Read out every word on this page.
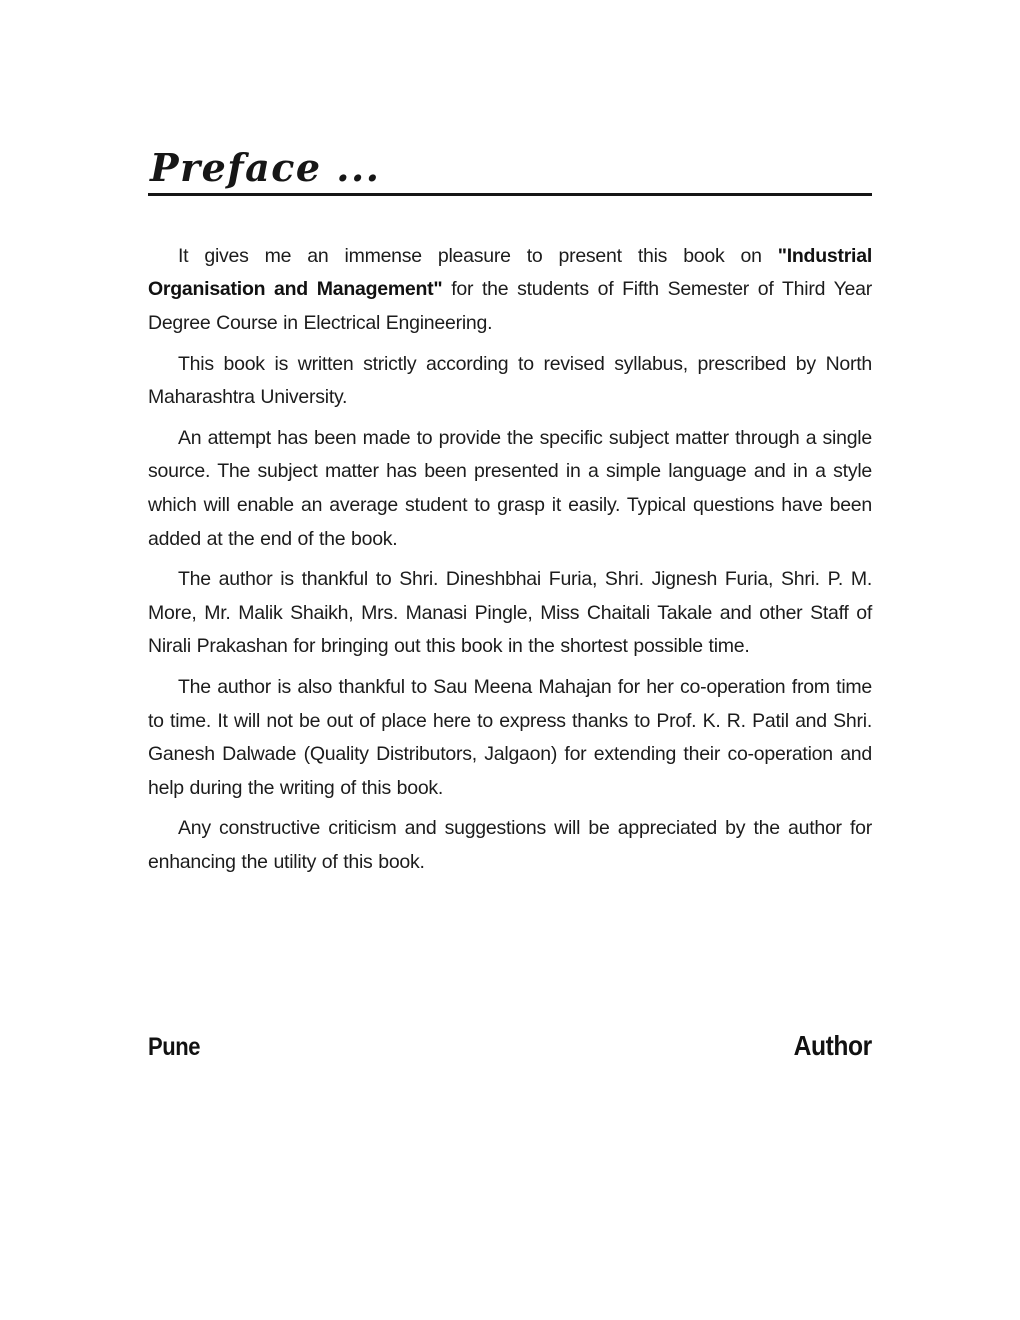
Preface ...

It gives me an immense pleasure to present this book on "Industrial Organisation and Management" for the students of Fifth Semester of Third Year Degree Course in Electrical Engineering.

This book is written strictly according to revised syllabus, prescribed by North Maharashtra University.

An attempt has been made to provide the specific subject matter through a single source. The subject matter has been presented in a simple language and in a style which will enable an average student to grasp it easily. Typical questions have been added at the end of the book.

The author is thankful to Shri. Dineshbhai Furia, Shri. Jignesh Furia, Shri. P. M. More, Mr. Malik Shaikh, Mrs. Manasi Pingle, Miss Chaitali Takale and other Staff of Nirali Prakashan for bringing out this book in the shortest possible time.

The author is also thankful to Sau Meena Mahajan for her co-operation from time to time. It will not be out of place here to express thanks to Prof. K. R. Patil and Shri. Ganesh Dalwade (Quality Distributors, Jalgaon) for extending their co-operation and help during the writing of this book.

Any constructive criticism and suggestions will be appreciated by the author for enhancing the utility of this book.

Pune	Author
